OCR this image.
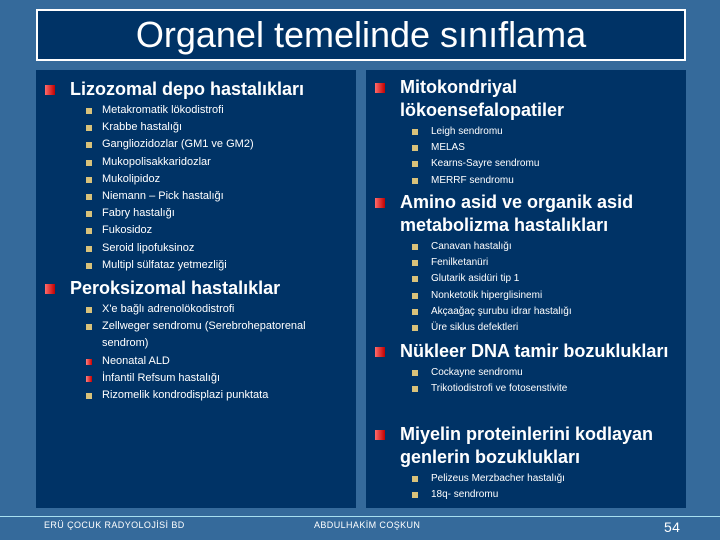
Organel temelinde sınıflama
Lizozomal depo hastalıkları
Metakromatik lökodistrofi
Krabbe hastalığı
Gangliozidozlar (GM1 ve GM2)
Mukopolisakkaridozlar
Mukolipidoz
Niemann – Pick hastalığı
Fabry hastalığı
Fukosidoz
Seroid lipofuksinoz
Multipl sülfataz yetmezliği
Peroksizomal hastalıklar
X'e bağlı adrenolökodistrofi
Zellweger sendromu (Serebrohepatorenal sendrom)
Neonatal ALD
İnfantil Refsum hastalığı
Rizomelik kondrodisplazi punktata
Mitokondriyal lökoensefalopatiler
Leigh sendromu
MELAS
Kearns-Sayre sendromu
MERRF sendromu
Amino asid ve organik asid metabolizma hastalıkları
Canavan hastalığı
Fenilketanüri
Glutarik asidüri tip 1
Nonketotik hiperglisinemi
Akçaağaç şurubu idrar hastalığı
Üre siklus defektleri
Nükleer DNA tamir bozuklukları
Cockayne sendromu
Trikotiodistrofi ve fotosenstivite
Miyelin proteinlerini kodlayan genlerin bozuklukları
Pelizeus Merzbacher hastalığı
18q- sendromu
ERÜ ÇOCUK RADYOLOJİSİ BD	ABDULHAKİM COŞKUN	54
